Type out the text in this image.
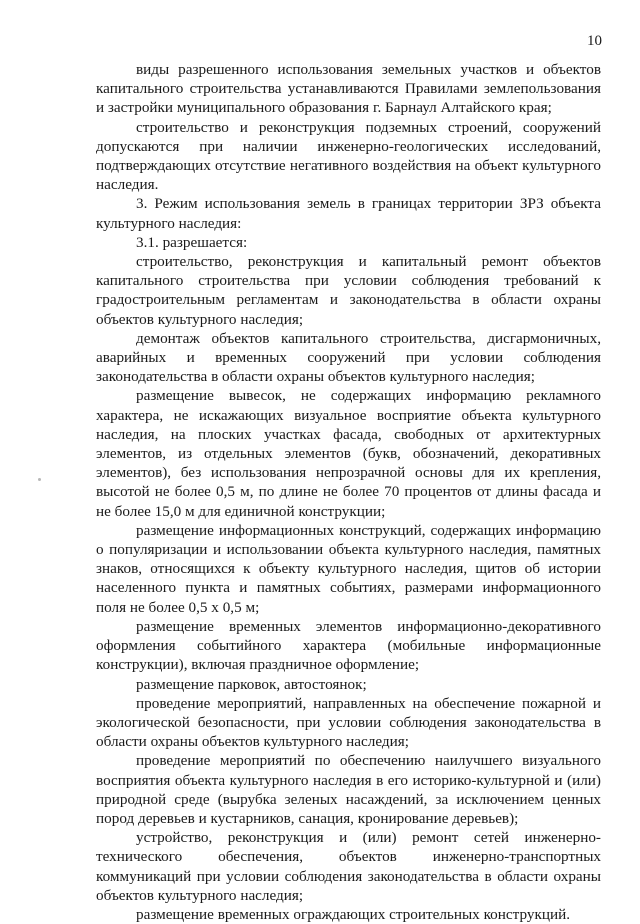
10

виды разрешенного использования земельных участков и объектов капитального строительства устанавливаются Правилами землепользования и застройки муниципального образования г. Барнаул Алтайского края;

строительство и реконструкция подземных строений, сооружений допускаются при наличии инженерно-геологических исследований, подтверждающих отсутствие негативного воздействия на объект культурного наследия.

3. Режим использования земель в границах территории ЗРЗ объекта культурного наследия:

3.1. разрешается:

строительство, реконструкция и капитальный ремонт объектов капитального строительства при условии соблюдения требований к градостроительным регламентам и законодательства в области охраны объектов культурного наследия;

демонтаж объектов капитального строительства, дисгармоничных, аварийных и временных сооружений при условии соблюдения законодательства в области охраны объектов культурного наследия;

размещение вывесок, не содержащих информацию рекламного характера, не искажающих визуальное восприятие объекта культурного наследия, на плоских участках фасада, свободных от архитектурных элементов, из отдельных элементов (букв, обозначений, декоративных элементов), без использования непрозрачной основы для их крепления, высотой не более 0,5 м, по длине не более 70 процентов от длины фасада и не более 15,0 м для единичной конструкции;

размещение информационных конструкций, содержащих информацию о популяризации и использовании объекта культурного наследия, памятных знаков, относящихся к объекту культурного наследия, щитов об истории населенного пункта и памятных событиях, размерами информационного поля не более 0,5 х 0,5 м;

размещение временных элементов информационно-декоративного оформления событийного характера (мобильные информационные конструкции), включая праздничное оформление;

размещение парковок, автостоянок;

проведение мероприятий, направленных на обеспечение пожарной и экологической безопасности, при условии соблюдения законодательства в области охраны объектов культурного наследия;

проведение мероприятий по обеспечению наилучшего визуального восприятия объекта культурного наследия в его историко-культурной и (или) природной среде (вырубка зеленых насаждений, за исключением ценных пород деревьев и кустарников, санация, кронирование деревьев);

устройство, реконструкция и (или) ремонт сетей инженерно-технического обеспечения, объектов инженерно-транспортных коммуникаций при условии соблюдения законодательства в области охраны объектов культурного наследия;

размещение временных ограждающих строительных конструкций.
